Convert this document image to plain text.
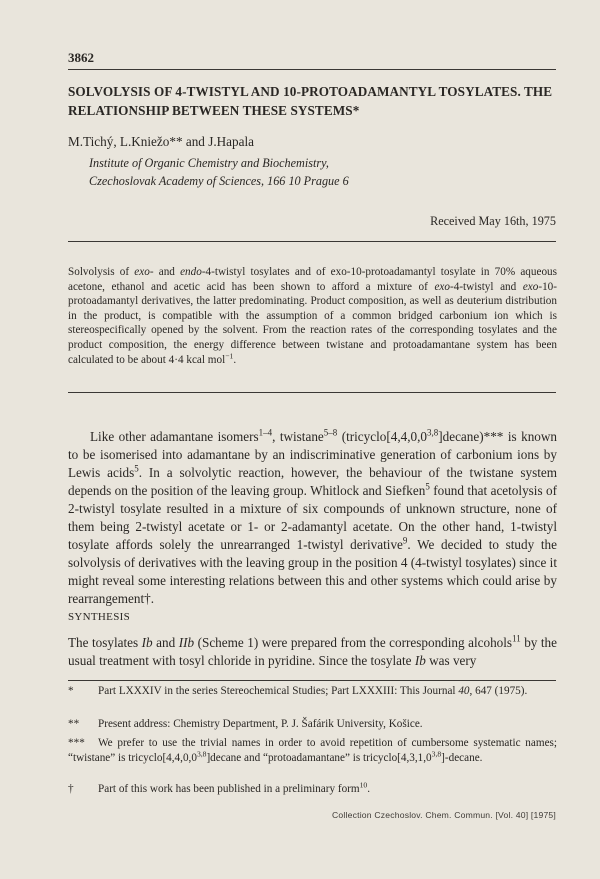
3862
SOLVOLYSIS OF 4-TWISTYL AND 10-PROTOADAMANTYL TOSYLATES. THE RELATIONSHIP BETWEEN THESE SYSTEMS*
M.Tichý, L.Kniežo** and J.Hapala
Institute of Organic Chemistry and Biochemistry,
Czechoslovak Academy of Sciences, 166 10 Prague 6
Received May 16th, 1975
Solvolysis of exo- and endo-4-twistyl tosylates and of exo-10-protoadamantyl tosylate in 70% aqueous acetone, ethanol and acetic acid has been shown to afford a mixture of exo-4-twistyl and exo-10-protoadamantyl derivatives, the latter predominating. Product composition, as well as deuterium distribution in the product, is compatible with the assumption of a common bridged carbonium ion which is stereospecifically opened by the solvent. From the reaction rates of the corresponding tosylates and the product composition, the energy difference between twistane and protoadamantane system has been calculated to be about 4·4 kcal mol$^{-1}$.
Like other adamantane isomers$^{1-4}$, twistane$^{5-8}$ (tricyclo[4,4,0,0$^{3,8}$]decane)*** is known to be isomerised into adamantane by an indiscriminative generation of carbonium ions by Lewis acids$^5$. In a solvolytic reaction, however, the behaviour of the twistane system depends on the position of the leaving group. Whitlock and Siefken$^5$ found that acetolysis of 2-twistyl tosylate resulted in a mixture of six compounds of unknown structure, none of them being 2-twistyl acetate or 1- or 2-adamantyl acetate. On the other hand, 1-twistyl tosylate affords solely the unrearranged 1-twistyl derivative$^9$. We decided to study the solvolysis of derivatives with the leaving group in the position 4 (4-twistyl tosylates) since it might reveal some interesting relations between this and other systems which could arise by rearrangement†.
SYNTHESIS
The tosylates Ib and IIb (Scheme 1) were prepared from the corresponding alcohols$^{11}$ by the usual treatment with tosyl chloride in pyridine. Since the tosylate Ib was very
*	Part LXXXIV in the series Stereochemical Studies; Part LXXXIII: This Journal 40, 647 (1975).
**	Present address: Chemistry Department, P. J. Šafárik University, Košice.
***	We prefer to use the trivial names in order to avoid repetition of cumbersome systematic names; “twistane” is tricyclo[4,4,0,0$^{3,8}$]decane and “protoadamantane” is tricyclo[4,3,1,0$^{3,8}$]-decane.
†	Part of this work has been published in a preliminary form$^{10}$.
Collection Czechoslov. Chem. Commun. [Vol. 40] [1975]
